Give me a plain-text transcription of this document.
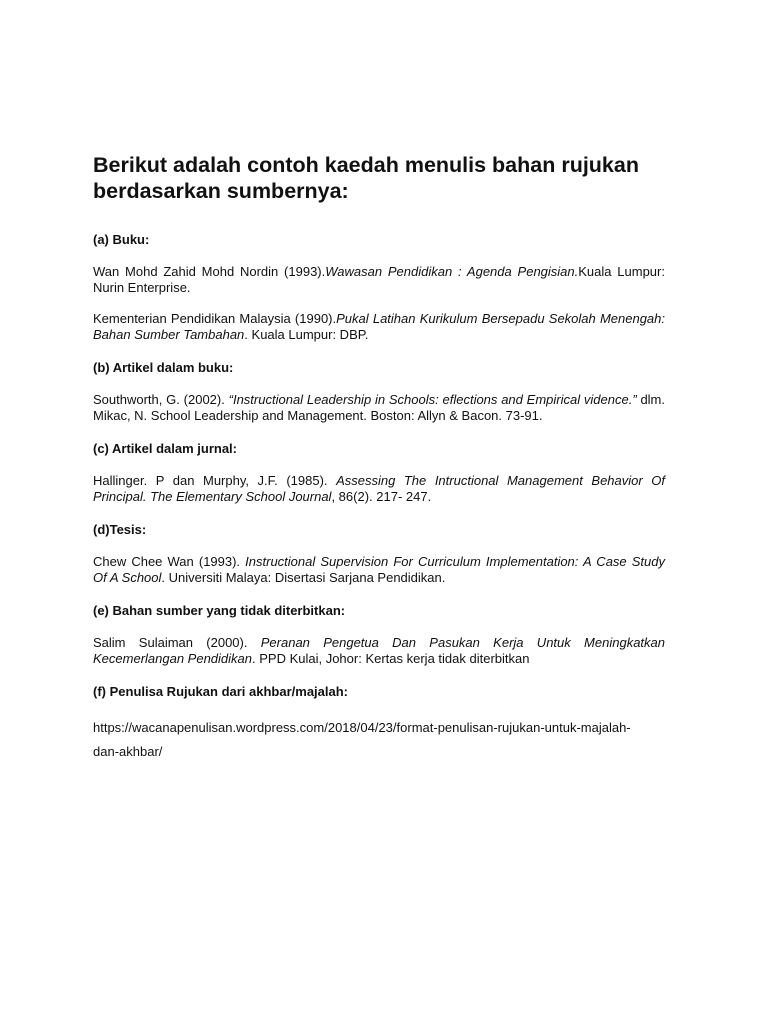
Berikut adalah contoh kaedah menulis bahan rujukan berdasarkan sumbernya:
(a) Buku:

Wan Mohd Zahid Mohd Nordin (1993).Wawasan Pendidikan : Agenda Pengisian.Kuala Lumpur: Nurin Enterprise.

Kementerian Pendidikan Malaysia (1990).Pukal Latihan Kurikulum Bersepadu Sekolah Menengah: Bahan Sumber Tambahan. Kuala Lumpur: DBP.

(b) Artikel dalam buku:

Southworth, G. (2002). “Instructional Leadership in Schools: eflections and Empirical vidence.” dlm. Mikac, N. School Leadership and Management. Boston: Allyn & Bacon. 73-91.

(c) Artikel dalam jurnal:

Hallinger. P dan Murphy, J.F. (1985). Assessing The Intructional Management Behavior Of Principal. The Elementary School Journal, 86(2). 217- 247.

(d)Tesis:

Chew Chee Wan (1993). Instructional Supervision For Curriculum Implementation: A Case Study Of A School. Universiti Malaya: Disertasi Sarjana Pendidikan.

(e) Bahan sumber yang tidak diterbitkan:

Salim Sulaiman (2000). Peranan Pengetua Dan Pasukan Kerja Untuk Meningkatkan Kecemerlangan Pendidikan. PPD Kulai, Johor: Kertas kerja tidak diterbitkan

(f) Penulisa Rujukan dari akhbar/majalah:

https://wacanapenulisan.wordpress.com/2018/04/23/format-penulisan-rujukan-untuk-majalah-dan-akhbar/
